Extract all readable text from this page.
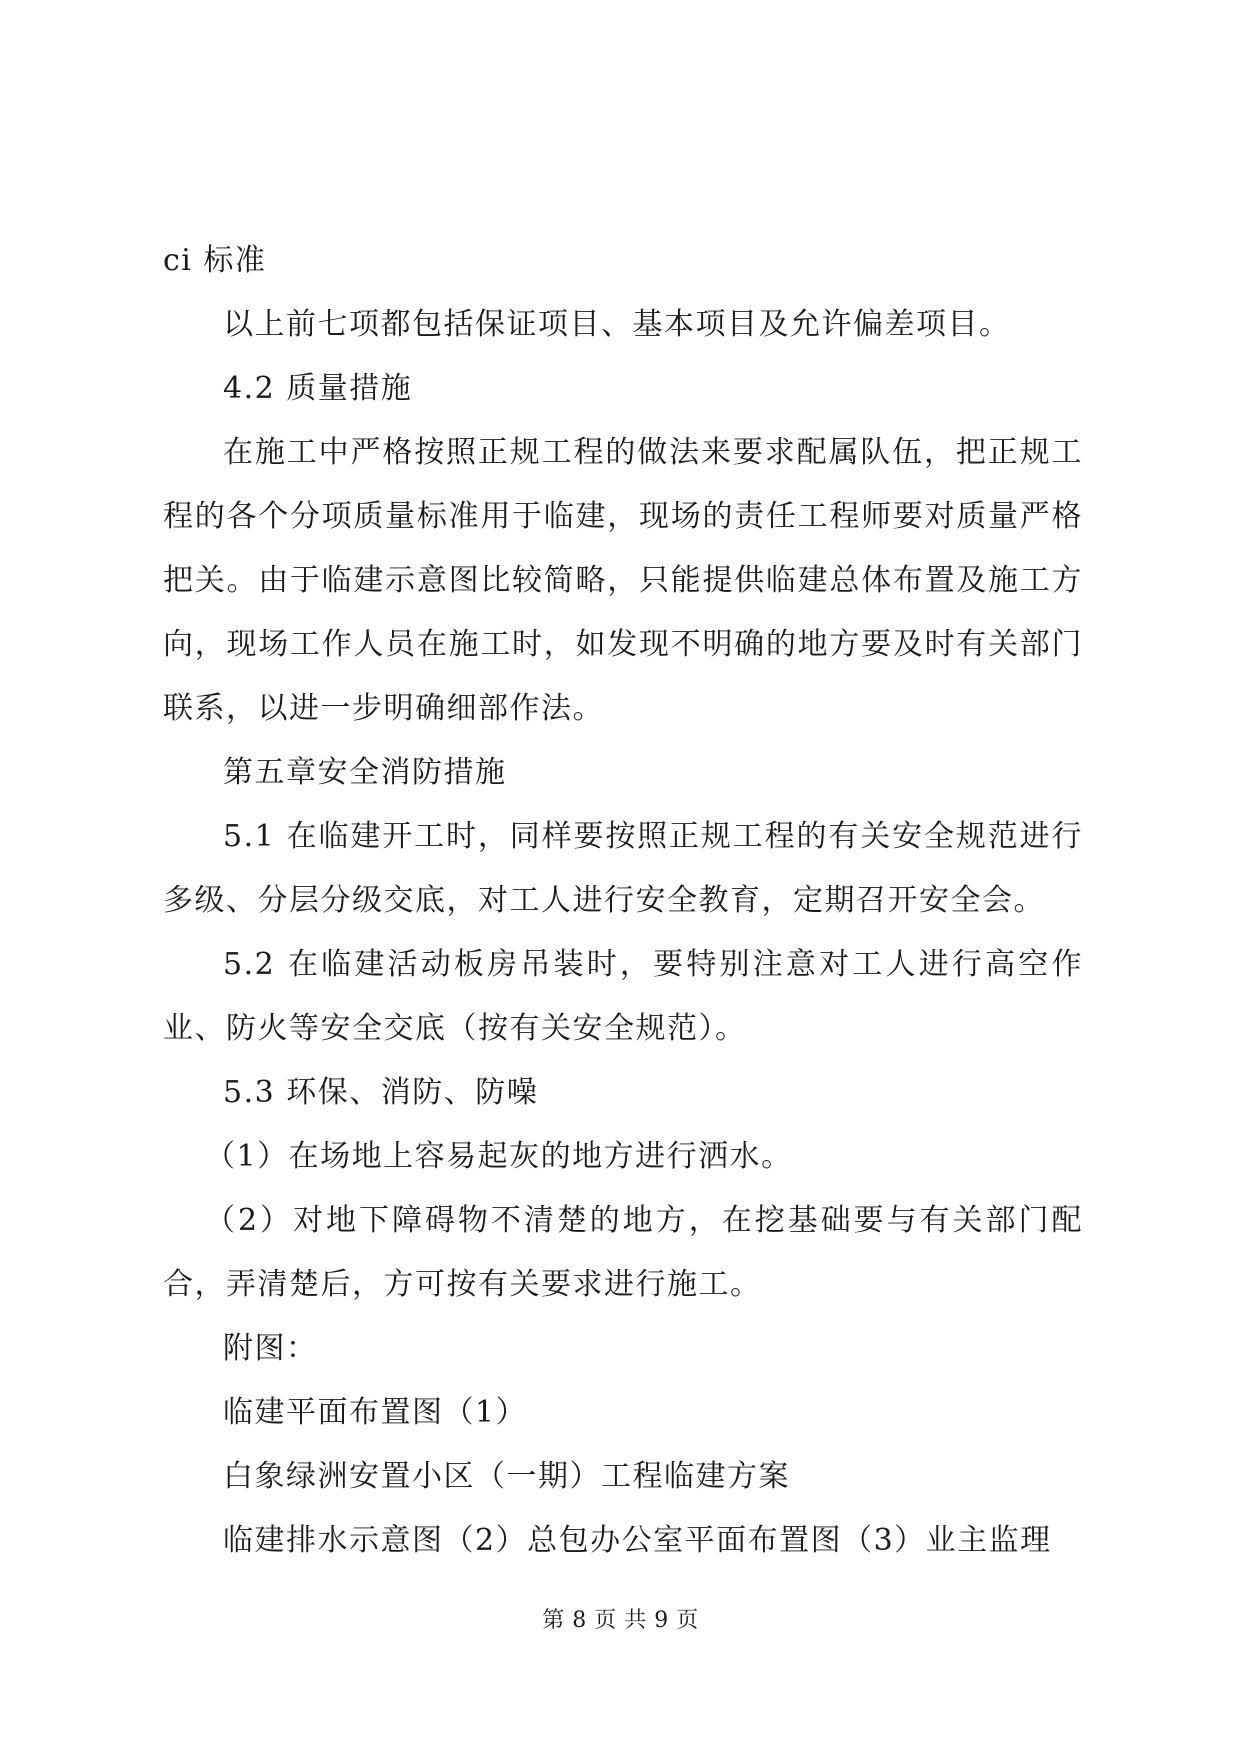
ci 标准

以上前七项都包括保证项目、基本项目及允许偏差项目。

4.2 质量措施

在施工中严格按照正规工程的做法来要求配属队伍，把正规工程的各个分项质量标准用于临建，现场的责任工程师要对质量严格把关。由于临建示意图比较简略，只能提供临建总体布置及施工方向，现场工作人员在施工时，如发现不明确的地方要及时有关部门联系，以进一步明确细部作法。

第五章安全消防措施

5.1 在临建开工时，同样要按照正规工程的有关安全规范进行多级、分层分级交底，对工人进行安全教育，定期召开安全会。

5.2 在临建活动板房吊装时，要特别注意对工人进行高空作业、防火等安全交底（按有关安全规范）。

5.3 环保、消防、防噪

（1）在场地上容易起灰的地方进行洒水。

（2）对地下障碍物不清楚的地方，在挖基础要与有关部门配合，弄清楚后，方可按有关要求进行施工。

附图：

临建平面布置图（1）

白象绿洲安置小区（一期）工程临建方案

临建排水示意图（2）总包办公室平面布置图（3）业主监理

第 8 页 共 9 页
